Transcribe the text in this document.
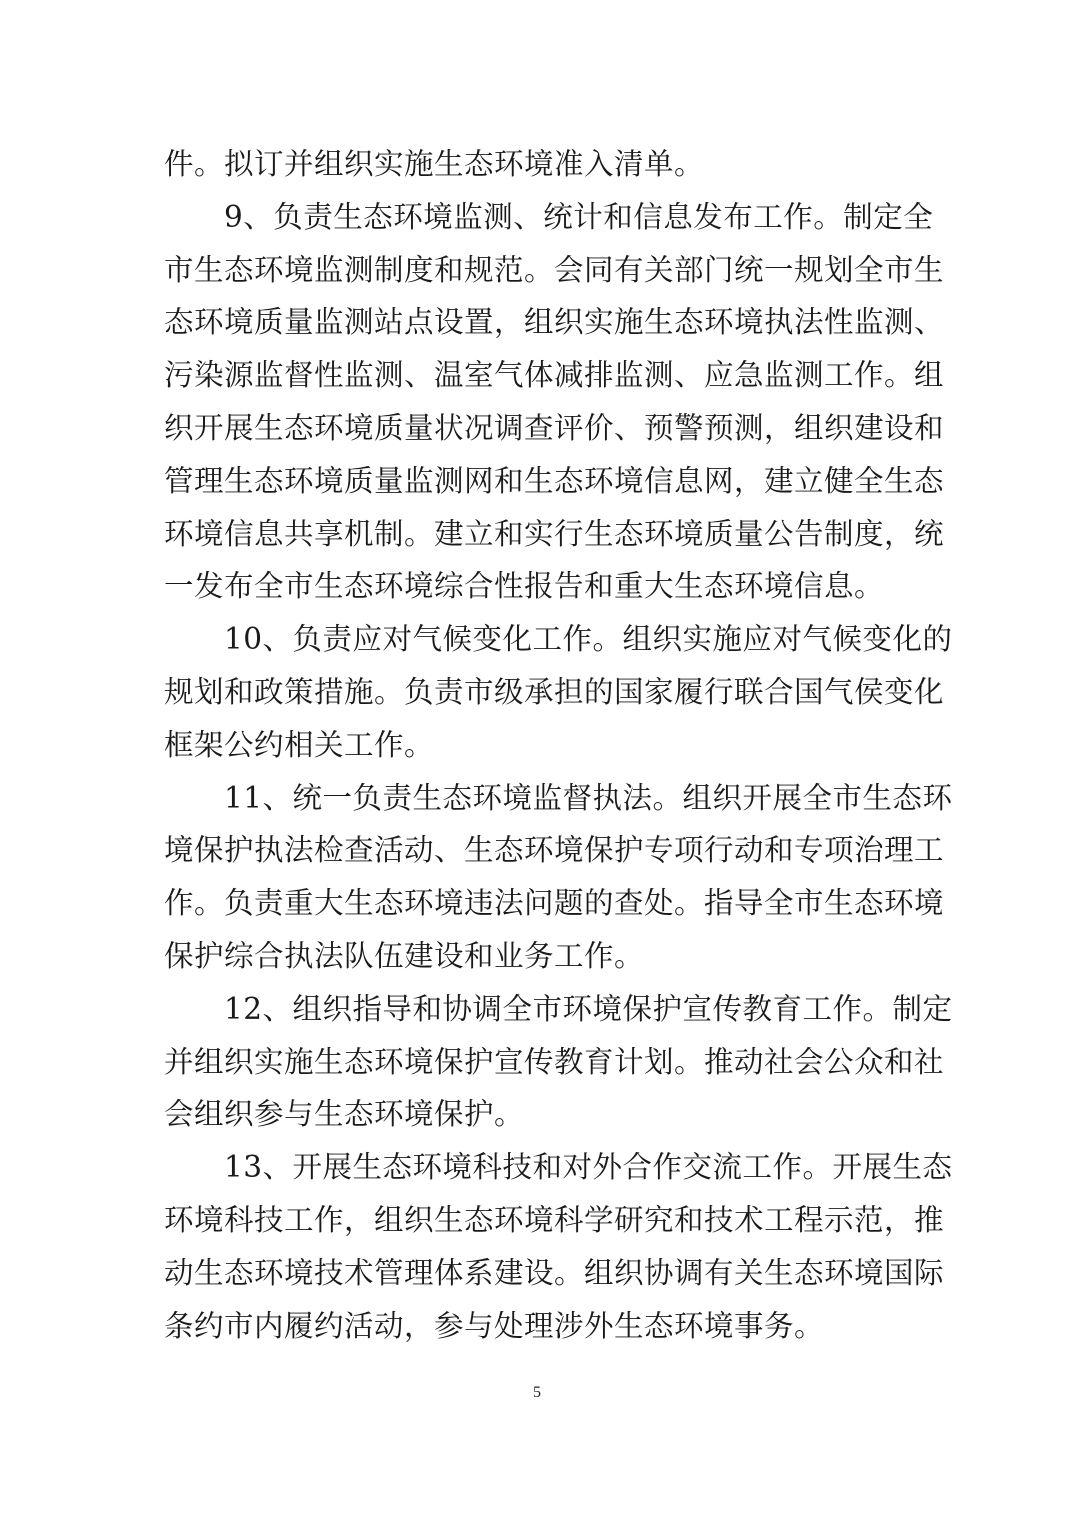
件。拟订并组织实施生态环境准入清单。
9、负责生态环境监测、统计和信息发布工作。制定全
市生态环境监测制度和规范。会同有关部门统一规划全市生
态环境质量监测站点设置，组织实施生态环境执法性监测、
污染源监督性监测、温室气体减排监测、应急监测工作。组
织开展生态环境质量状况调查评价、预警预测，组织建设和
管理生态环境质量监测网和生态环境信息网，建立健全生态
环境信息共享机制。建立和实行生态环境质量公告制度，统
一发布全市生态环境综合性报告和重大生态环境信息。
10、负责应对气候变化工作。组织实施应对气候变化的
规划和政策措施。负责市级承担的国家履行联合国气侯变化
框架公约相关工作。
11、统一负责生态环境监督执法。组织开展全市生态环
境保护执法检查活动、生态环境保护专项行动和专项治理工
作。负责重大生态环境违法问题的查处。指导全市生态环境
保护综合执法队伍建设和业务工作。
12、组织指导和协调全市环境保护宣传教育工作。制定
并组织实施生态环境保护宣传教育计划。推动社会公众和社
会组织参与生态环境保护。
13、开展生态环境科技和对外合作交流工作。开展生态
环境科技工作，组织生态环境科学研究和技术工程示范，推
动生态环境技术管理体系建设。组织协调有关生态环境国际
条约市内履约活动，参与处理涉外生态环境事务。
5
